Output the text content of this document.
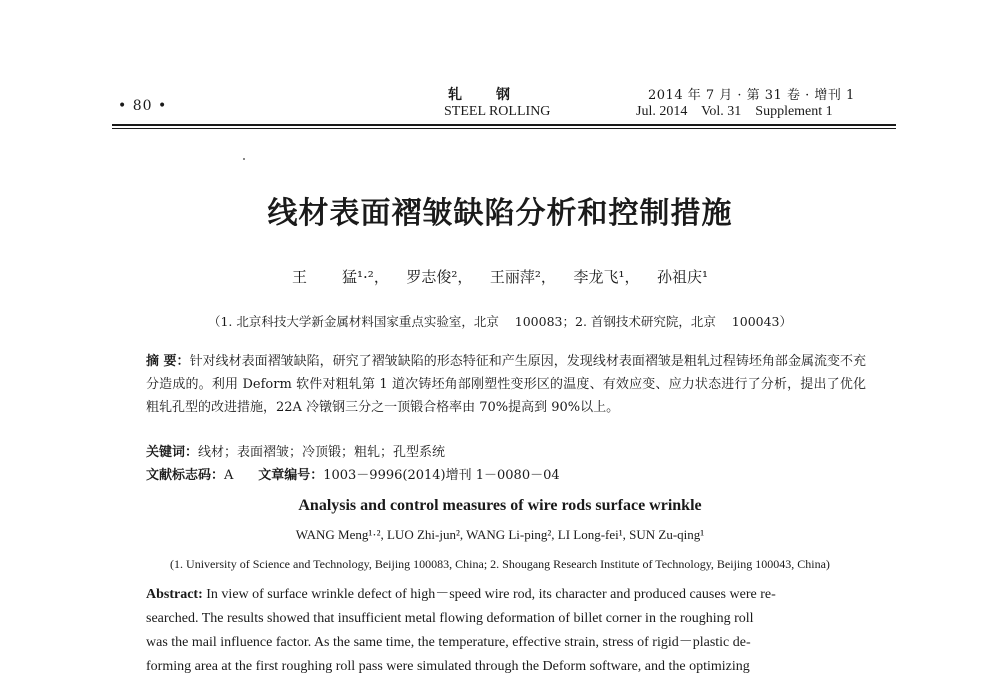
• 80 •
轧钢
STEEL ROLLING
2014 年 7 月 · 第 31 卷 · 增刊 1
Jul. 2014    Vol. 31    Supplement 1
线材表面褶皱缺陷分析和控制措施
王    猛¹·²，  罗志俊²，  王丽萍²，  李龙飞¹，  孙祖庆¹
（1. 北京科技大学新金属材料国家重点实验室，北京    100083；2. 首钢技术研究院，北京    100043）
摘 要：针对线材表面褶皱缺陷，研究了褶皱缺陷的形态特征和产生原因，发现线材表面褶皱是粗轧过程铸坯角部金属流变不充分造成的。利用 Deform 软件对粗轧第 1 道次铸坯角部刚塑性变形区的温度、有效应变、应力状态进行了分析，提出了优化粗轧孔型的改进措施，22A 冷镦钢三分之一顶锻合格率由 70%提高到 90%以上。
关键词：线材；表面褶皱；冷顶锻；粗轧；孔型系统
文献标志码：A 文章编号：1003－9996(2014)增刊 1－0080－04
Analysis and control measures of wire rods surface wrinkle
WANG Meng¹·², LUO Zhi-jun², WANG Li-ping², LI Long-fei¹, SUN Zu-qing¹
(1. University of Science and Technology, Beijing 100083, China; 2. Shougang Research Institute of Technology, Beijing 100043, China)
Abstract: In view of surface wrinkle defect of high－speed wire rod, its character and produced causes were re-
searched. The results showed that insufficient metal flowing deformation of billet corner in the roughing roll
was the mail influence factor. As the same time, the temperature, effective strain, stress of rigid－plastic de-
forming area at the first roughing roll pass were simulated through the Deform software, and the optimizing
